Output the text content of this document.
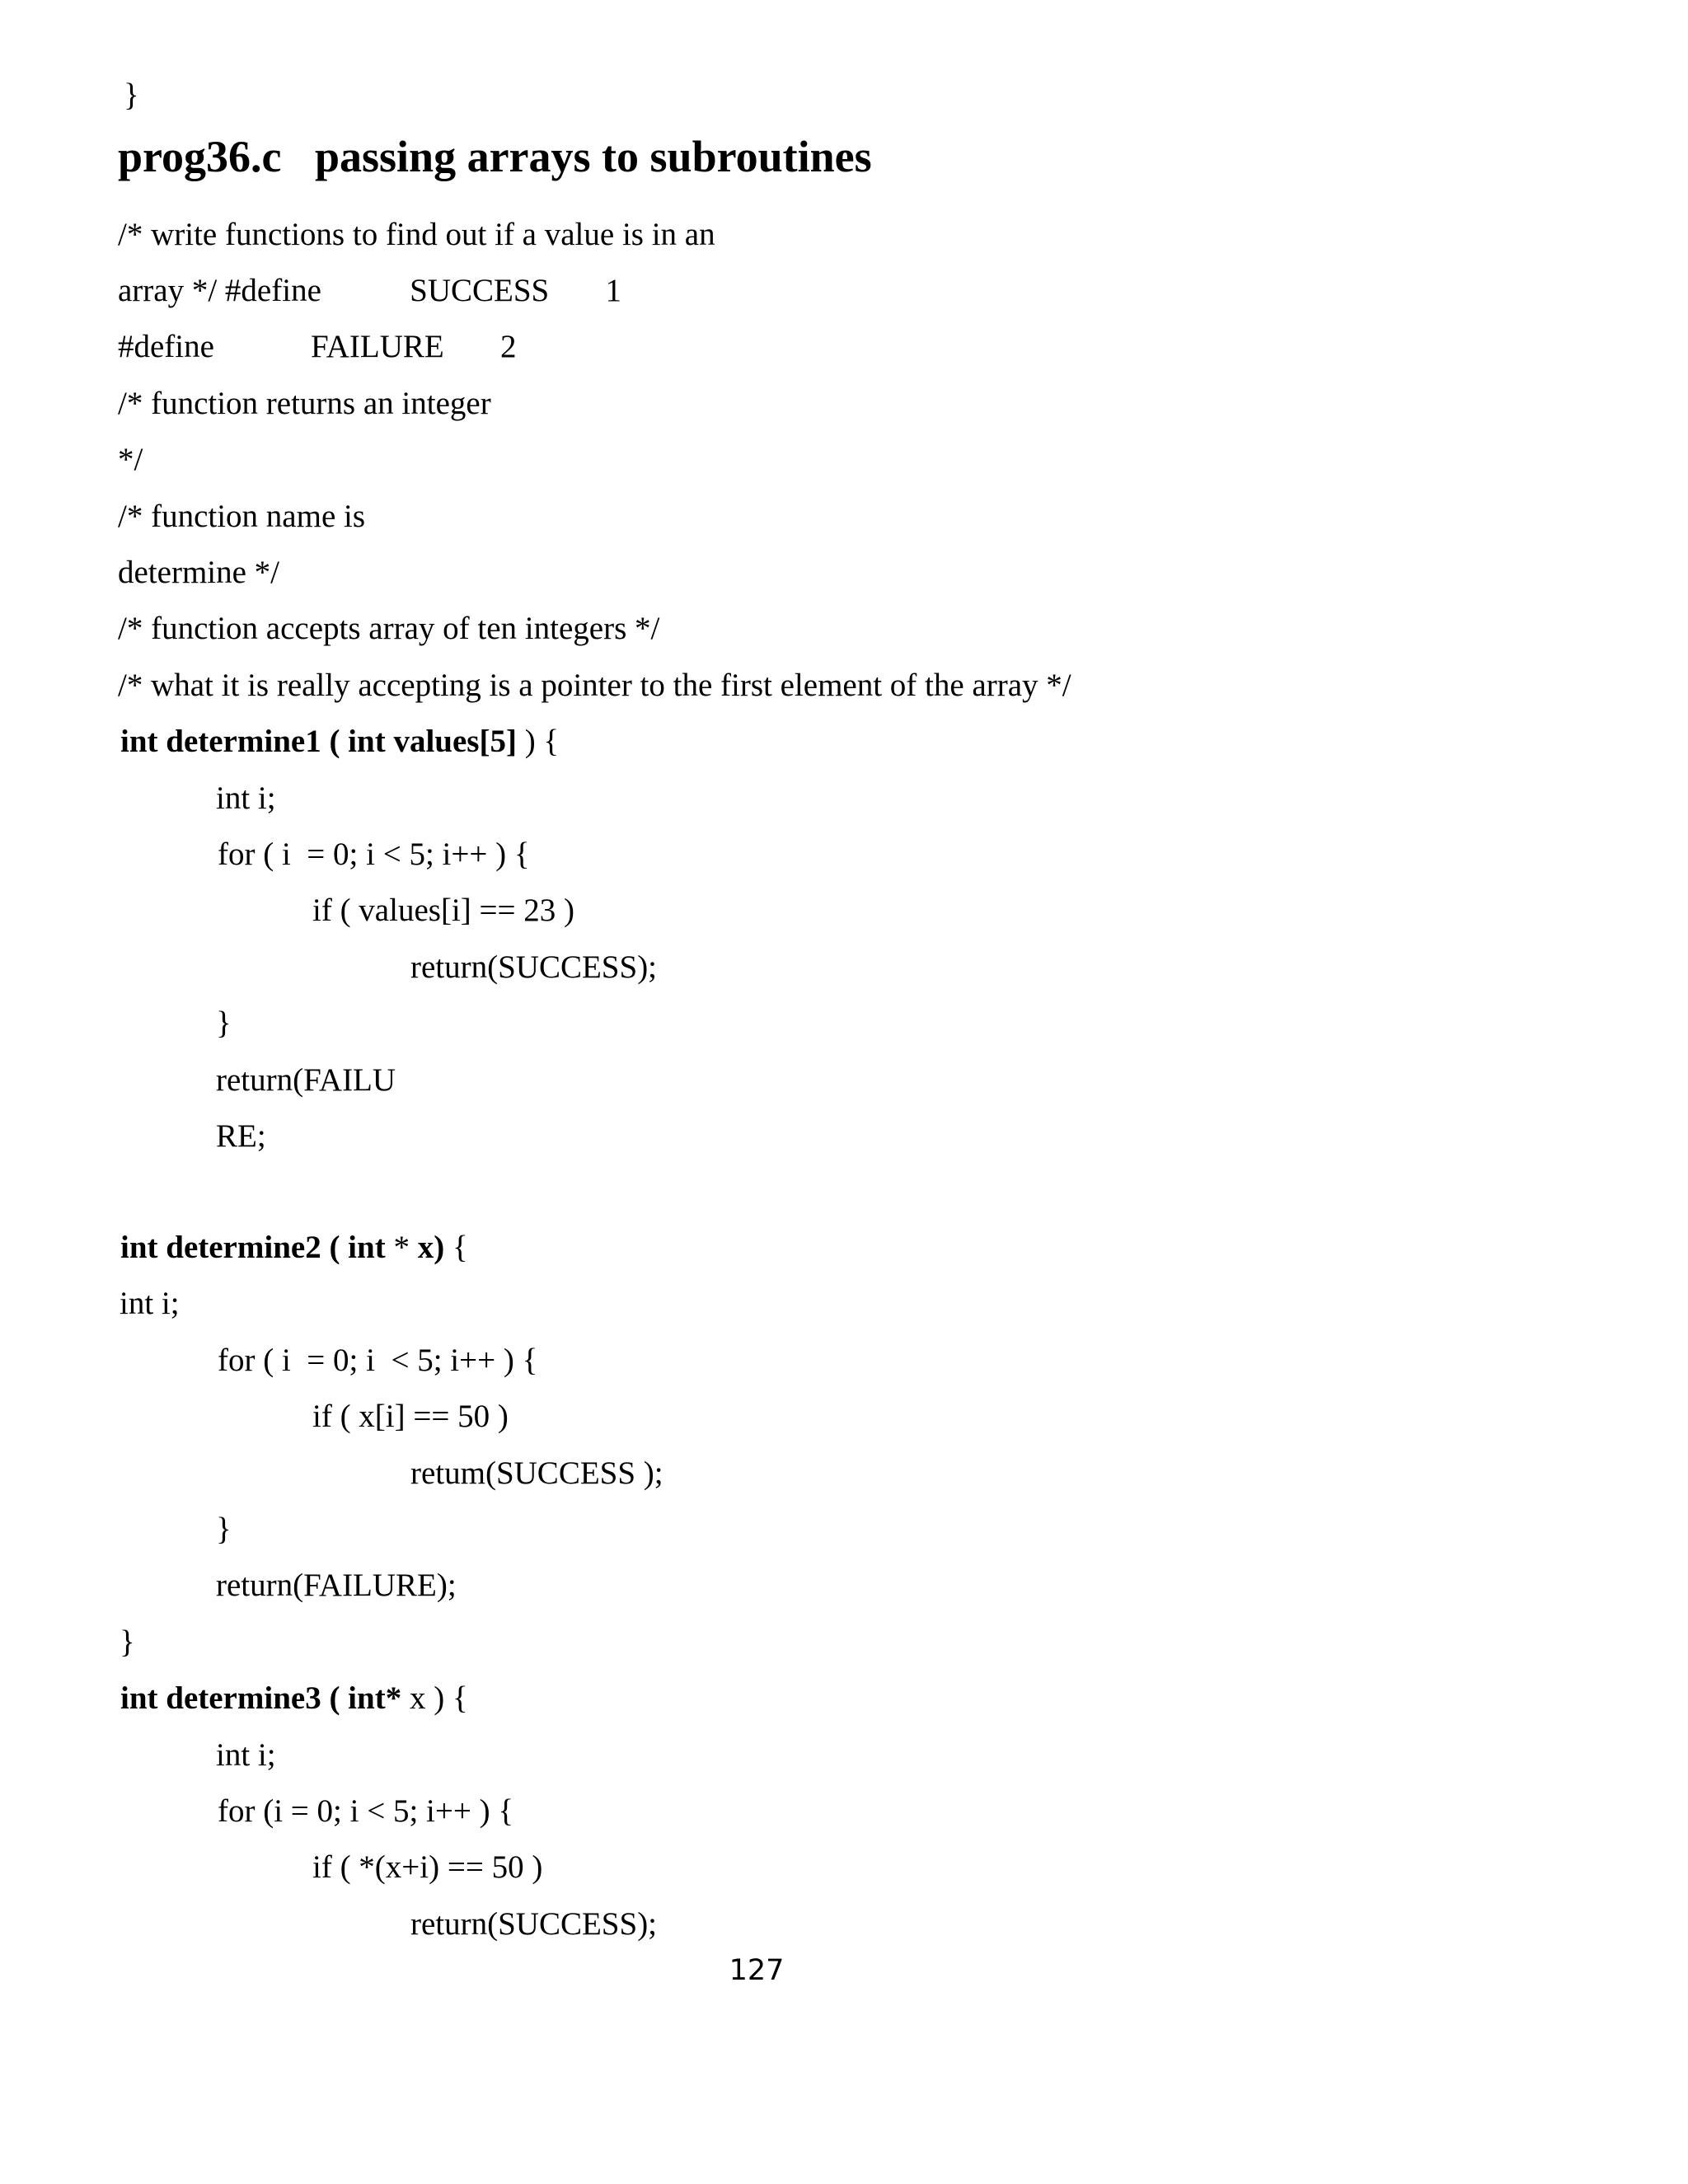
}
prog36.c   passing arrays to subroutines
/* write functions to find out if a value is in an
array */ #define           SUCCESS       1
#define            FAILURE       2
/* function returns an integer
*/
/* function name is
determine */
/* function accepts array of ten integers */
/* what it is really accepting is a pointer to the first element of the array */
int determine1 ( int values[5] ) {
int i;
for ( i  = 0; i < 5; i++ ) {
if ( values[i] == 23 )
return(SUCCESS);
}
return(FAILU
RE;
int determine2 ( int * x) {
int i;
for ( i  = 0; i  < 5; i++ ) {
if ( x[i] == 50 )
retum(SUCCESS );
}
return(FAILURE);
}
int determine3 ( int* x ) {
int i;
for (i = 0; i < 5; i++ ) {
if ( *(x+i) == 50 )
return(SUCCESS);
127
